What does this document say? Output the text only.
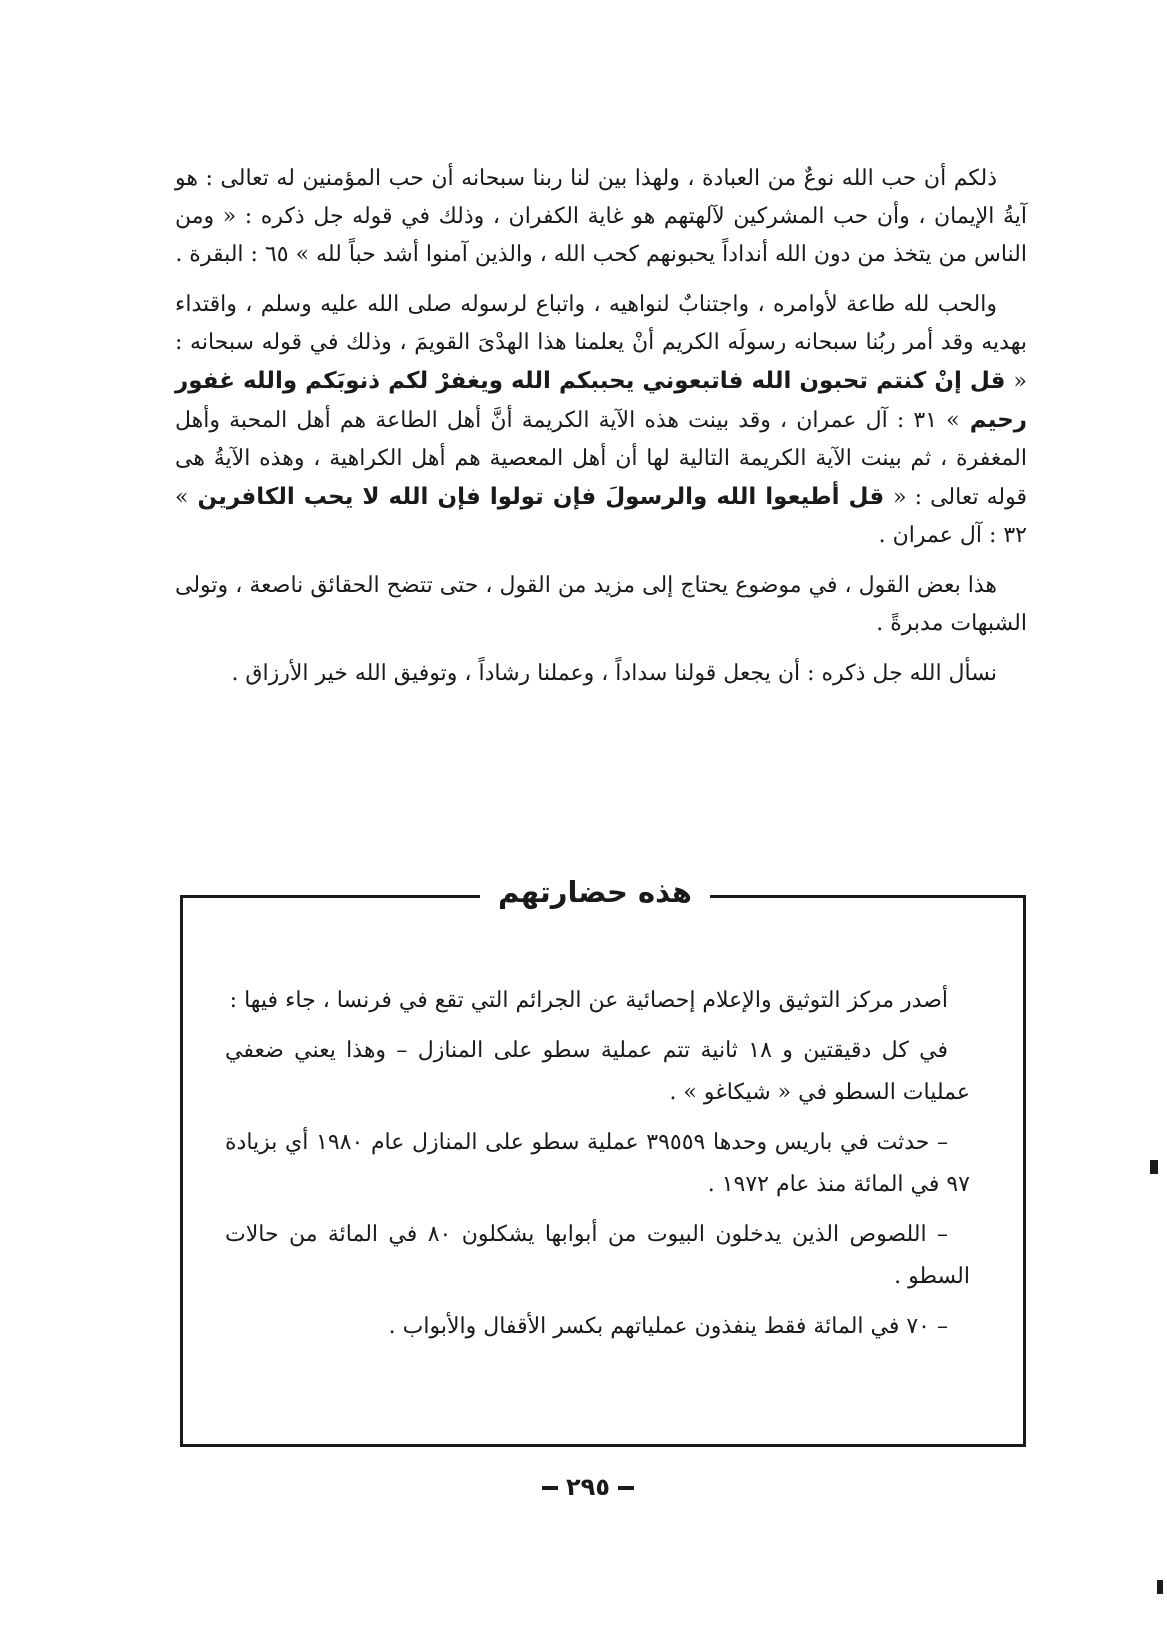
ذلكم أن حب الله نوعٌ من العبادة ، ولهذا بين لنا ربنا سبحانه أن حب المؤمنين له تعالى : هو آيةُ الإيمان ، وأن حب المشركين لآلهتهم هو غاية الكفران ، وذلك في قوله جل ذكره : « ومن الناس من يتخذ من دون الله أنداداً يحبونهم كحب الله ، والذين آمنوا أشد حباً لله » ٦٥ : البقرة .

والحب لله طاعة لأوامره ، واجتنابٌ لنواهيه ، واتباع لرسوله صلى الله عليه وسلم ، واقتداء بهديه وقد أمر ربُنا سبحانه رسولَه الكريم أنْ يعلمنا هذا الهدْىَ القويمَ ، وذلك في قوله سبحانه : « قل إنْ كنتم تحبون الله فاتبعوني يحببكم الله ويغفرْ لكم ذنوبَكم والله غفور رحيم » ٣١ : آل عمران ، وقد بينت هذه الآية الكريمة أنَّ أهل الطاعة هم أهل المحبة وأهل المغفرة ، ثم بينت الآية الكريمة التالية لها أن أهل المعصية هم أهل الكراهية ، وهذه الآيةُ هى قوله تعالى : « قل أطيعوا الله والرسولَ فإن تولوا فإن الله لا يحب الكافرين » ٣٢ : آل عمران .

هذا بعض القول ، في موضوع يحتاج إلى مزيد من القول ، حتى تتضح الحقائق ناصعة ، وتولى الشبهات مدبرةً .

نسأل الله جل ذكره : أن يجعل قولنا سداداً ، وعملنا رشاداً ، وتوفيق الله خير الأرزاق .

هذه حضارتهم

أصدر مركز التوثيق والإعلام إحصائية عن الجرائم التي تقع في فرنسا ، جاء فيها :

في كل دقيقتين و ١٨ ثانية تتم عملية سطو على المنازل – وهذا يعني ضعفي عمليات السطو في « شيكاغو » .

– حدثت في باريس وحدها ٣٩٥٥٩ عملية سطو على المنازل عام ١٩٨٠ أي بزيادة ٩٧ في المائة منذ عام ١٩٧٢ .

– اللصوص الذين يدخلون البيوت من أبوابها يشكلون ٨٠ في المائة من حالات السطو .

– ٧٠ في المائة فقط ينفذون عملياتهم بكسر الأقفال والأبواب .

٢٩٥
